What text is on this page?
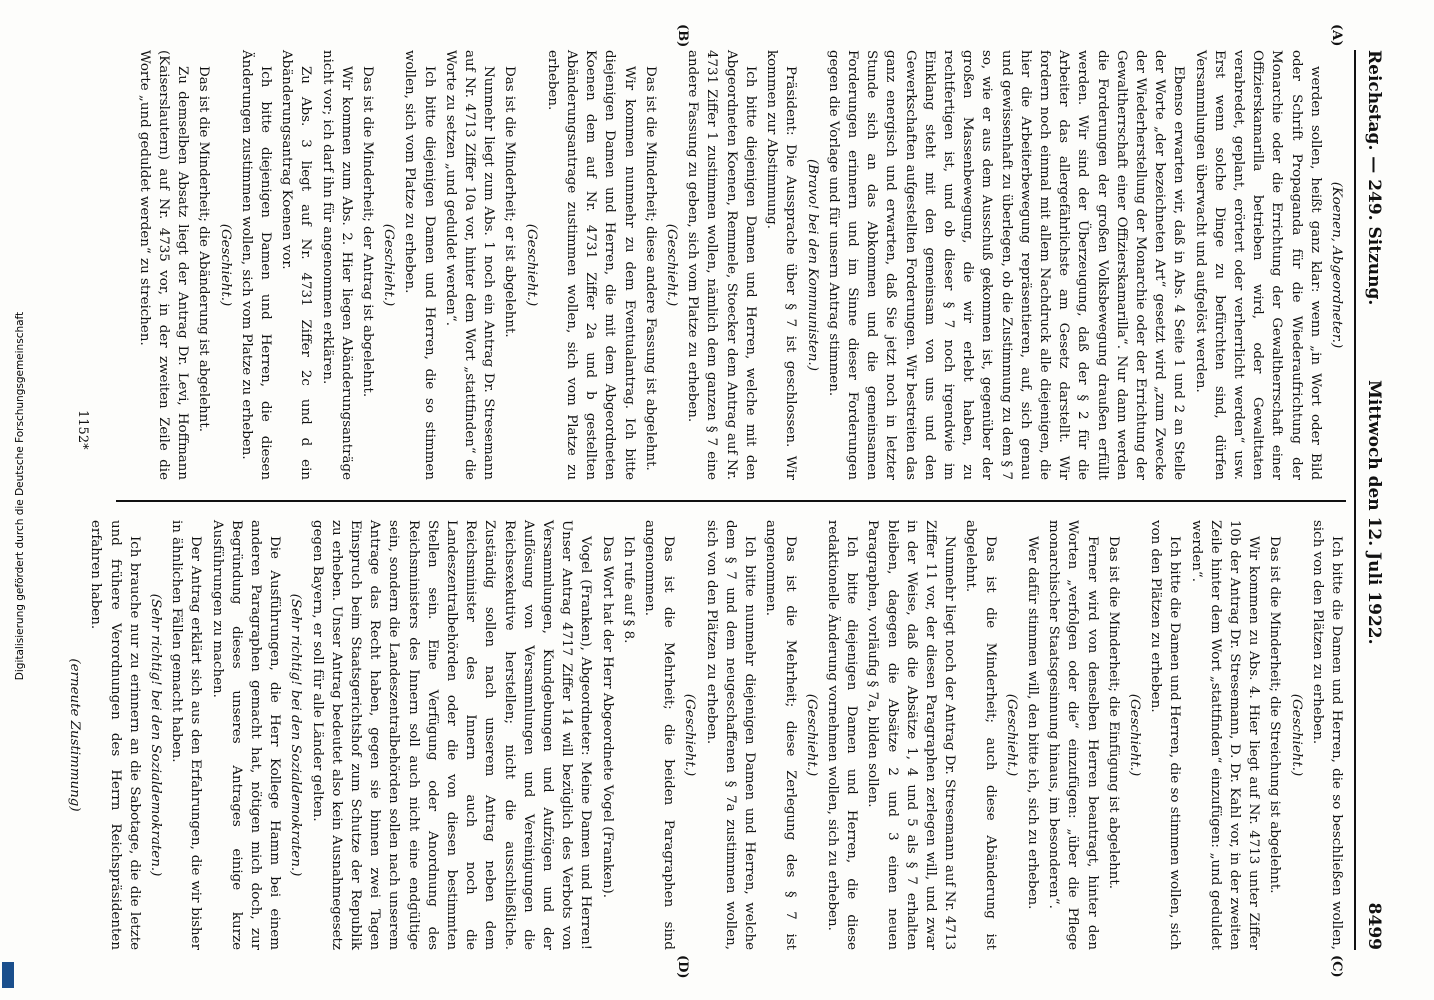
Digitalisierung gefördert durch die Deutsche Forschungsgemeinschaft
Reichstag. — 249. Sitzung.
Mittwoch den 12. Juli 1922.
8499

(Koenen, Abgeordneter.)

werden sollen, heißt ganz klar: wenn „in Wort oder Bild oder Schrift Propaganda für die Wiederaufrichtung der Monarchie oder die Errichtung der Gewaltherrschaft einer Offizierskamarilla betrieben wird, oder Gewalttaten verabredet, geplant, erörtert oder verherrlicht werden“ usw. Erst wenn solche Dinge zu befürchten sind, dürfen Versammlungen überwacht und aufgelöst werden.

Ebenso erwarten wir, daß in Abs. 4 Seite 1 und 2 an Stelle der Worte „der bezeichneten Art“ gesetzt wird „zum Zwecke der Wiederherstellung der Monarchie oder der Errichtung der Gewaltherrschaft einer Offizierskamarilla“. Nur dann werden die Forderungen der großen Volksbewegung draußen erfüllt werden. Wir sind der Überzeugung, daß der § 2 für die Arbeiter das allergefährlichste am Gesetz darstellt. Wir fordern noch einmal mit allem Nachdruck alle diejenigen, die hier die Arbeiterbewegung repräsentieren, auf, sich genau und gewissenhaft zu überlegen, ob die Zustimmung zu dem § 7 so, wie er aus dem Ausschuß gekommen ist, gegenüber der großen Massenbewegung, die wir erlebt haben, zu rechtfertigen ist, und ob dieser § 7 noch irgendwie im Einklang steht mit den gemeinsam von uns und den Gewerkschaften aufgestellten Forderungen. Wir bestreiten das ganz energisch und erwarten, daß Sie jetzt noch in letzter Stunde sich an das Abkommen und die gemeinsamen Forderungen erinnern und im Sinne dieser Forderungen gegen die Vorlage und für unsern Antrag stimmen.

(Bravo! bei den Kommunisten.)

Präsident: Die Aussprache über § 7 ist geschlossen. Wir kommen zur Abstimmung.

Ich bitte diejenigen Damen und Herren, welche mit den Abgeordneten Koenen, Remmele, Stoecker dem Antrag auf Nr. 4731 Ziffer 1 zustimmen wollen, nämlich dem ganzen § 7 eine andere Fassung zu geben, sich vom Platze zu erheben.

(Geschieht.)

Das ist die Minderheit; diese andere Fassung ist abgelehnt.

Wir kommen nunmehr zu dem Eventualantrag. Ich bitte diejenigen Damen und Herren, die mit dem Abgeordneten Koenen dem auf Nr. 4731 Ziffer 2a und b gestellten Abänderungsantrage zustimmen wollen, sich vom Platze zu erheben.

(Geschieht.)

Das ist die Minderheit; er ist abgelehnt.

Nunmehr liegt zum Abs. 1 noch ein Antrag Dr. Stresemann auf Nr. 4713 Ziffer 10a vor, hinter dem Wort „stattfinden“ die Worte zu setzen „und geduldet werden“.

Ich bitte diejenigen Damen und Herren, die so stimmen wollen, sich vom Platze zu erheben.

(Geschieht.)

Das ist die Minderheit; der Antrag ist abgelehnt.

Wir kommen zum Abs. 2. Hier liegen Abänderungsanträge nicht vor; ich darf ihn für angenommen erklären.

Zu Abs. 3 liegt auf Nr. 4731 Ziffer 2c und d ein Abänderungsantrag Koenen vor.

Ich bitte diejenigen Damen und Herren, die diesen Änderungen zustimmen wollen, sich vom Platze zu erheben.

(Geschieht.)

Das ist die Minderheit; die Abänderung ist abgelehnt.

Zu demselben Absatz liegt der Antrag Dr. Levi, Hoffmann (Kaiserslautern) auf Nr. 4735 vor, in der zweiten Zeile die Worte „und geduldet werden“ zu streichen.

Ich bitte die Damen und Herren, die so beschließen wollen, sich von den Plätzen zu erheben.

(Geschieht.)

Das ist die Minderheit; die Streichung ist abgelehnt.

Wir kommen zu Abs. 4. Hier liegt auf Nr. 4713 unter Ziffer 10b der Antrag Dr. Stresemann, D. Dr. Kahl vor, in der zweiten Zeile hinter dem Wort „stattfinden“ einzufügen: „und geduldet werden“.

Ich bitte die Damen und Herren, die so stimmen wollen, sich von den Plätzen zu erheben.

(Geschieht.)

Das ist die Minderheit; die Einfügung ist abgelehnt.

Ferner wird von denselben Herren beantragt, hinter den Worten „verfolgen oder die“ einzufügen: „über die Pflege monarchischer Staatsgesinnung hinaus, im besonderen“.

Wer dafür stimmen will, den bitte ich, sich zu erheben.

(Geschieht.)

Das ist die Minderheit; auch diese Abänderung ist abgelehnt.

Nunmehr liegt noch der Antrag Dr. Stresemann auf Nr. 4713 Ziffer 11 vor, der diesen Paragraphen zerlegen will, und zwar in der Weise, daß die Absätze 1, 4 und 5 als § 7 erhalten bleiben, dagegen die Absätze 2 und 3 einen neuen Paragraphen, vorläufig § 7a, bilden sollen.

Ich bitte diejenigen Damen und Herren, die diese redaktionelle Änderung vornehmen wollen, sich zu erheben.

(Geschieht.)

Das ist die Mehrheit; diese Zerlegung des § 7 ist angenommen.

Ich bitte nunmehr diejenigen Damen und Herren, welche dem § 7 und dem neugeschaffenen § 7a zustimmen wollen, sich von den Plätzen zu erheben.

(Geschieht.)

Das ist die Mehrheit; die beiden Paragraphen sind angenommen.

Ich rufe auf § 8.

Das Wort hat der Herr Abgeordnete Vogel (Franken).

Vogel (Franken), Abgeordneter: Meine Damen und Herren! Unser Antrag 4717 Ziffer 14 will bezüglich des Verbots von Versammlungen, Kundgebungen und Aufzügen und der Auflösung von Versammlungen und Vereinigungen die Reichsexekutive herstellen; nicht die ausschließliche. Zuständig sollen nach unserem Antrag neben dem Reichsminister des Innern auch noch die Landeszentralbehörden oder die von diesen bestimmten Stellen sein. Eine Verfügung oder Anordnung des Reichsministers des Innern soll auch nicht eine endgültige sein, sondern die Landeszentralbehörden sollen nach unserem Antrage das Recht haben, gegen sie binnen zwei Tagen Einspruch beim Staatsgerichtshof zum Schutze der Republik zu erheben. Unser Antrag bedeutet also kein Ausnahmegesetz gegen Bayern, er soll für alle Länder gelten.

(Sehr richtig! bei den Sozialdemokraten.)

Die Ausführungen, die Herr Kollege Hamm bei einem anderen Paragraphen gemacht hat, nötigen mich doch, zur Begründung dieses unseres Antrages einige kurze Ausführungen zu machen.

Der Antrag erklärt sich aus den Erfahrungen, die wir bisher in ähnlichen Fällen gemacht haben.

(Sehr richtig! bei den Sozialdemokraten.)

Ich brauche nur zu erinnern an die Sabotage, die die letzte und frühere Verordnungen des Herrn Reichspräsidenten erfahren haben.

(erneute Zustimmung)

(A)
(B)
(C)
(D)
1152*
